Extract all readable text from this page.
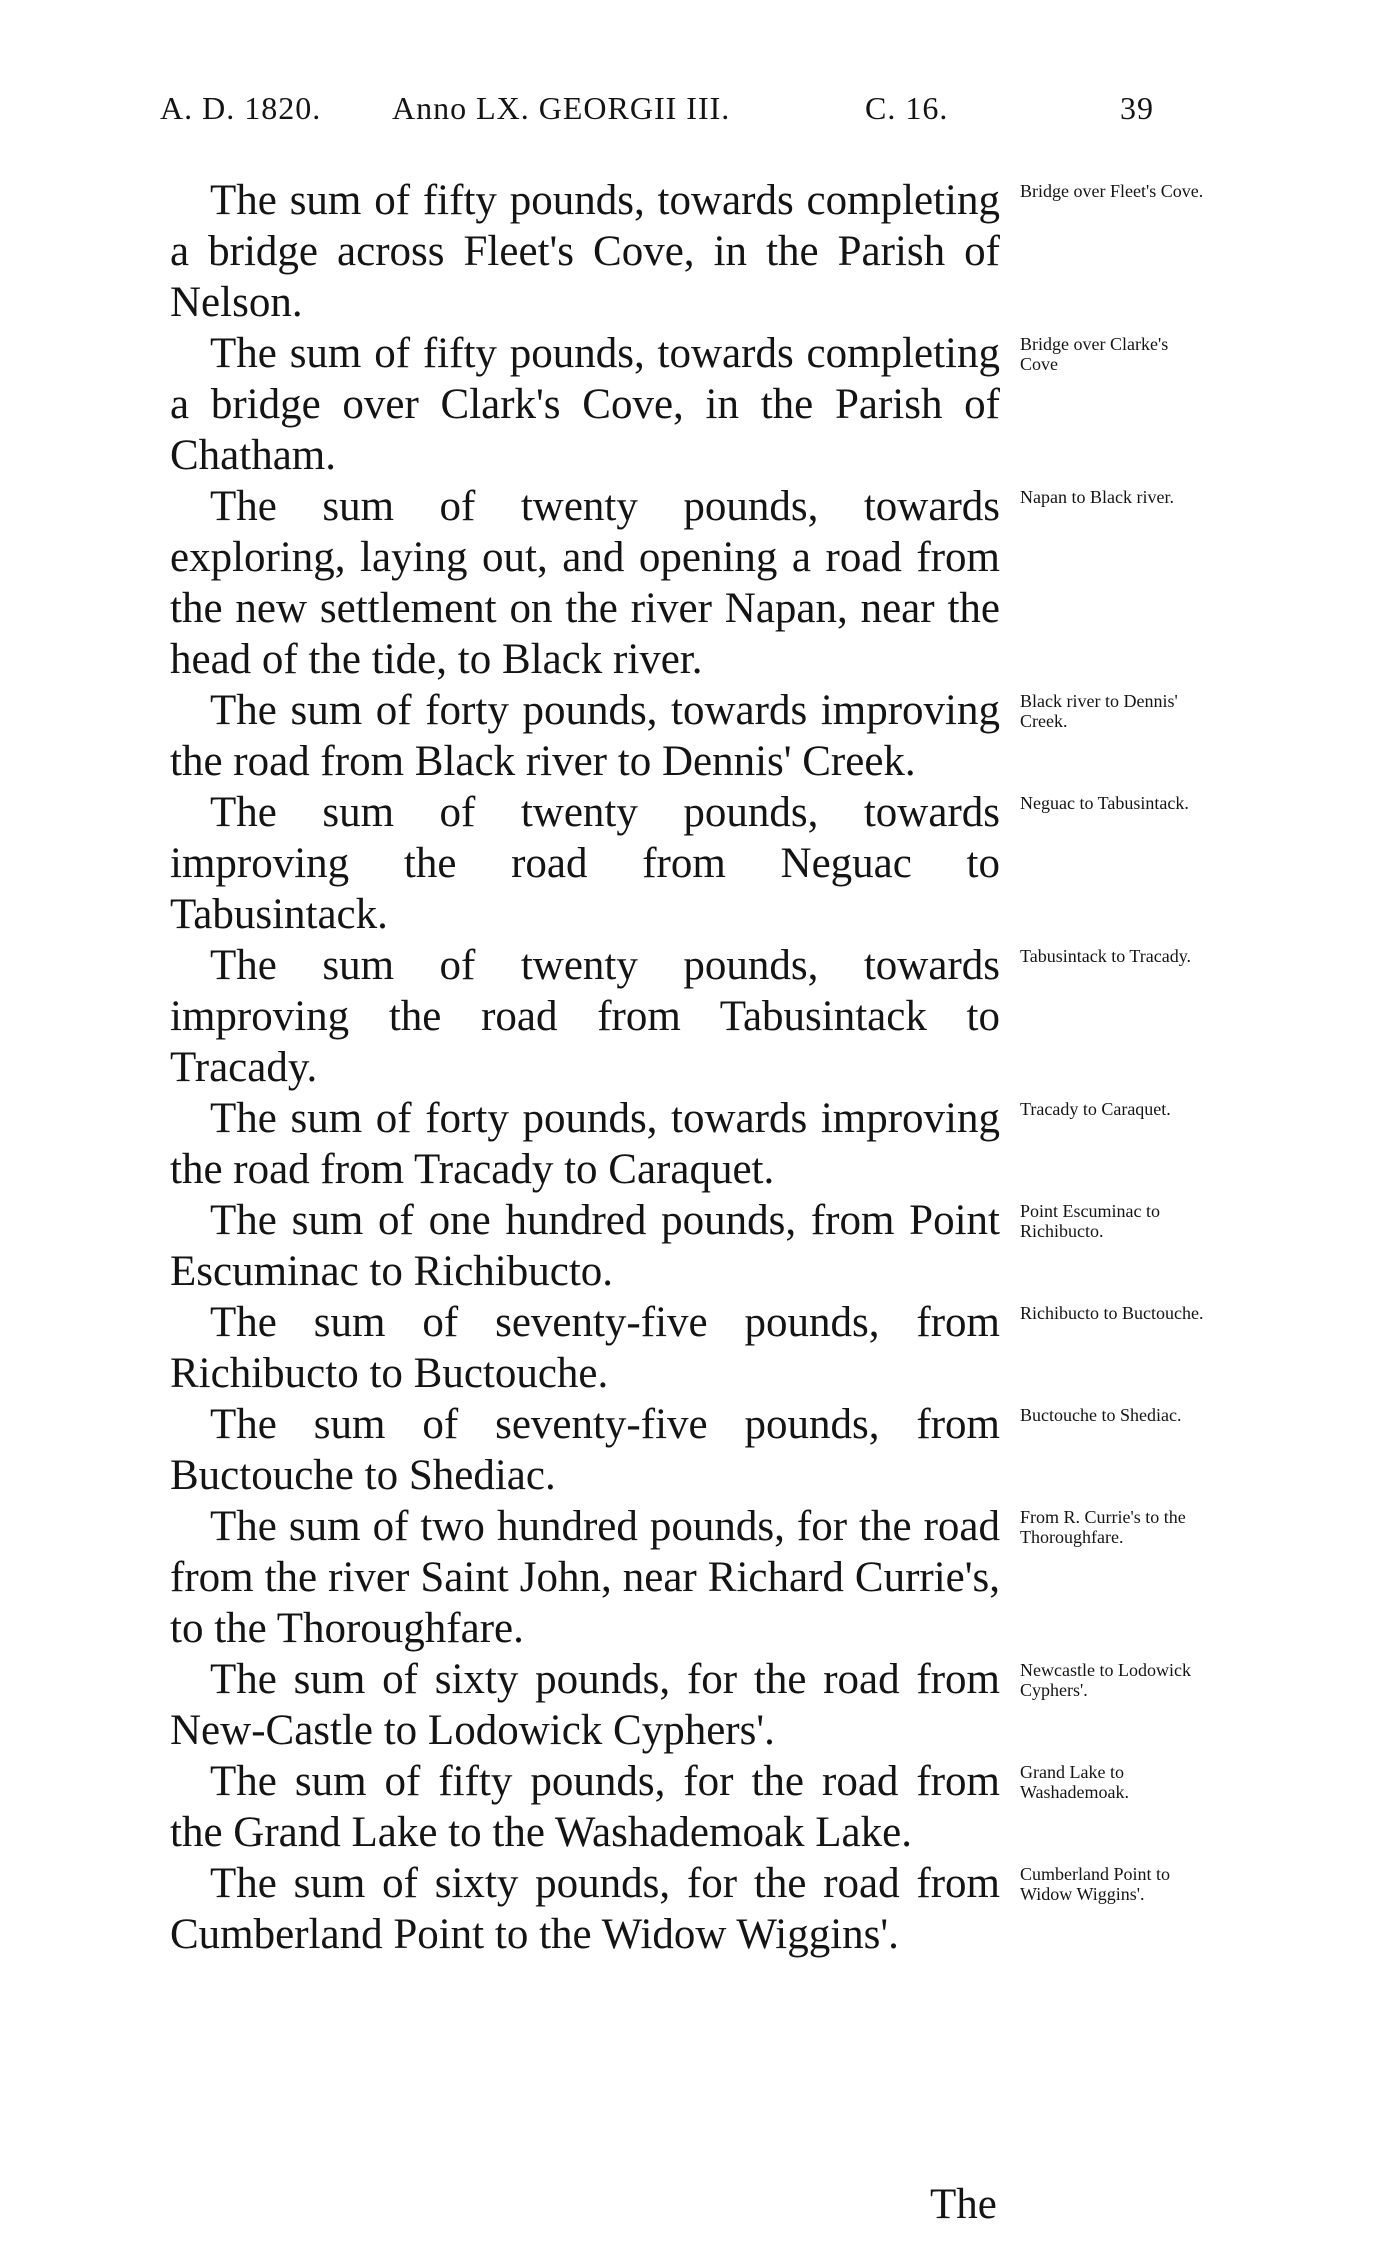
A. D. 1820. Anno LX. GEORGII III.	C. 16.	39

The sum of fifty pounds, towards completing a bridge across Fleet's Cove, in the Parish of Nelson.

Bridge over Fleet's Cove.

The sum of fifty pounds, towards completing a bridge over Clark's Cove, in the Parish of Chatham.

Bridge over Clarke's Cove

The sum of twenty pounds, towards exploring, laying out, and opening a road from the new settlement on the river Napan, near the head of the tide, to Black river.

Napan to Black river.

The sum of forty pounds, towards improving the road from Black river to Dennis' Creek.

Black river to Dennis' Creek.

The sum of twenty pounds, towards improving the road from Neguac to Tabusintack.

Neguac to Tabusintack.

The sum of twenty pounds, towards improving the road from Tabusintack to Tracady.

Tabusintack to Tracady.

The sum of forty pounds, towards improving the road from Tracady to Caraquet.

Tracady to Caraquet.

The sum of one hundred pounds, from Point Escuminac to Richibucto.

Point Escuminac to Richibucto.

The sum of seventy-five pounds, from Richibucto to Buctouche.

Richibucto to Buctouche.

The sum of seventy-five pounds, from Buctouche to Shediac.

Buctouche to Shediac.

The sum of two hundred pounds, for the road from the river Saint John, near Richard Currie's, to the Thoroughfare.

From R. Currie's to the Thoroughfare.

The sum of sixty pounds, for the road from New-Castle to Lodowick Cyphers'.

Newcastle to Lodowick Cyphers'.

The sum of fifty pounds, for the road from the Grand Lake to the Washademoak Lake.

Grand Lake to Washademoak.

The sum of sixty pounds, for the road from Cumberland Point to the Widow Wiggins'.

Cumberland Point to Widow Wiggins'.
The
